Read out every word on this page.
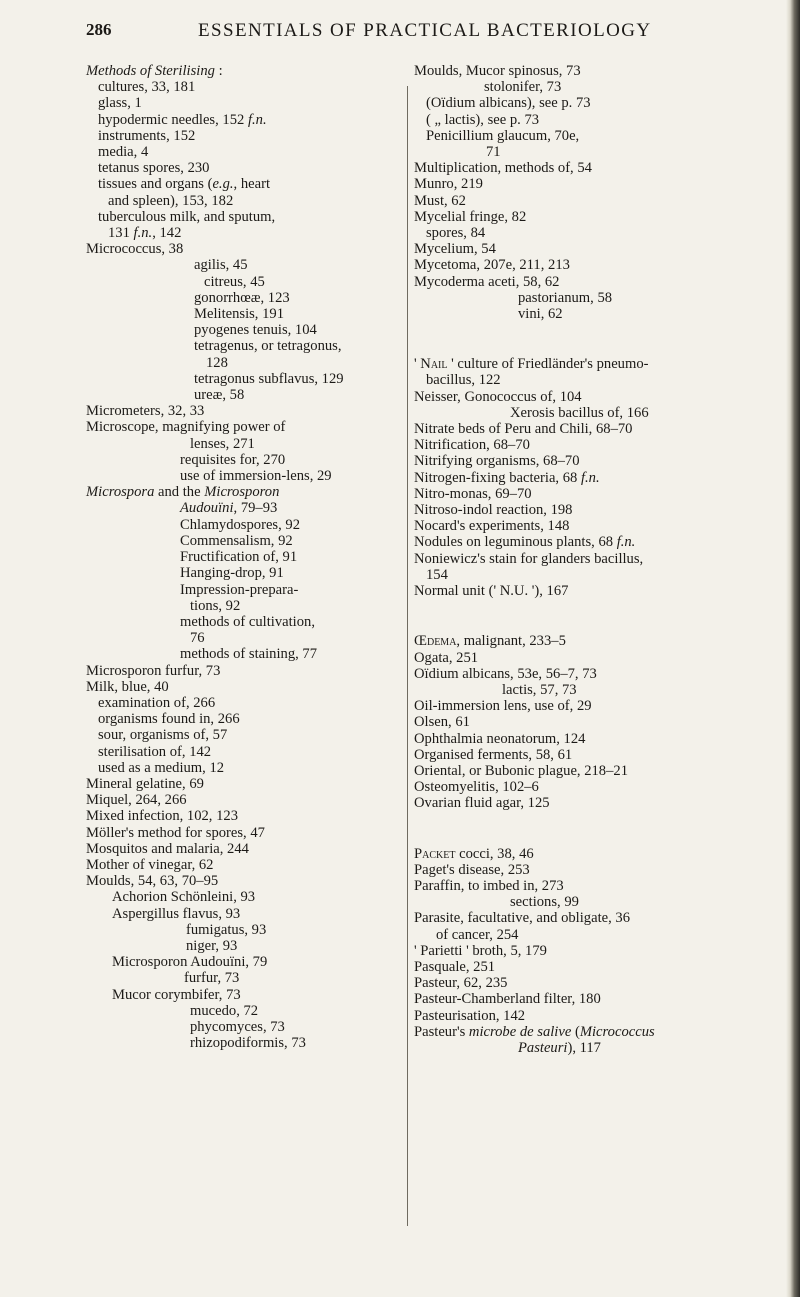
286	ESSENTIALS OF PRACTICAL BACTERIOLOGY
Methods of Sterilising :
cultures, 33, 181
glass, 1
hypodermic needles, 152 f.n.
instruments, 152
media, 4
tetanus spores, 230
tissues and organs (e.g., heart
and spleen), 153, 182
tuberculous milk, and sputum,
131 f.n., 142
Micrococcus, 38
agilis, 45
citreus, 45
gonorrhœæ, 123
Melitensis, 191
pyogenes tenuis, 104
tetragenus, or tetragonus,
128
tetragonus subflavus, 129
ureæ, 58
Micrometers, 32, 33
Microscope, magnifying power of
lenses, 271
requisites for, 270
use of immersion-lens, 29
Microspora and the Microsporon
Audouïni, 79–93
Chlamydospores, 92
Commensalism, 92
Fructification of, 91
Hanging-drop, 91
Impression-prepara-
tions, 92
methods of cultivation,
76
methods of staining, 77
Microsporon furfur, 73
Milk, blue, 40
examination of, 266
organisms found in, 266
sour, organisms of, 57
sterilisation of, 142
used as a medium, 12
Mineral gelatine, 69
Miquel, 264, 266
Mixed infection, 102, 123
Möller's method for spores, 47
Mosquitos and malaria, 244
Mother of vinegar, 62
Moulds, 54, 63, 70–95
Achorion Schönleini, 93
Aspergillus flavus, 93
fumigatus, 93
niger, 93
Microsporon Audouïni, 79
furfur, 73
Mucor corymbifer, 73
mucedo, 72
phycomyces, 73
rhizopodiformis, 73
Moulds, Mucor spinosus, 73
stolonifer, 73
(Oïdium albicans), see p. 73
( „ lactis), see p. 73
Penicillium glaucum, 70e,
71
Multiplication, methods of, 54
Munro, 219
Must, 62
Mycelial fringe, 82
spores, 84
Mycelium, 54
Mycetoma, 207e, 211, 213
Mycoderma aceti, 58, 62
pastorianum, 58
vini, 62
' Nail ' culture of Friedländer's pneumo-
bacillus, 122
Neisser, Gonococcus of, 104
Xerosis bacillus of, 166
Nitrate beds of Peru and Chili, 68–70
Nitrification, 68–70
Nitrifying organisms, 68–70
Nitrogen-fixing bacteria, 68 f.n.
Nitro-monas, 69–70
Nitroso-indol reaction, 198
Nocard's experiments, 148
Nodules on leguminous plants, 68 f.n.
Noniewicz's stain for glanders bacillus,
154
Normal unit (' N.U. '), 167
Œdema, malignant, 233–5
Ogata, 251
Oïdium albicans, 53e, 56–7, 73
lactis, 57, 73
Oil-immersion lens, use of, 29
Olsen, 61
Ophthalmia neonatorum, 124
Organised ferments, 58, 61
Oriental, or Bubonic plague, 218–21
Osteomyelitis, 102–6
Ovarian fluid agar, 125
Packet cocci, 38, 46
Paget's disease, 253
Paraffin, to imbed in, 273
sections, 99
Parasite, facultative, and obligate, 36
of cancer, 254
' Parietti ' broth, 5, 179
Pasquale, 251
Pasteur, 62, 235
Pasteur-Chamberland filter, 180
Pasteurisation, 142
Pasteur's microbe de salive (Micrococcus
Pasteuri), 117
